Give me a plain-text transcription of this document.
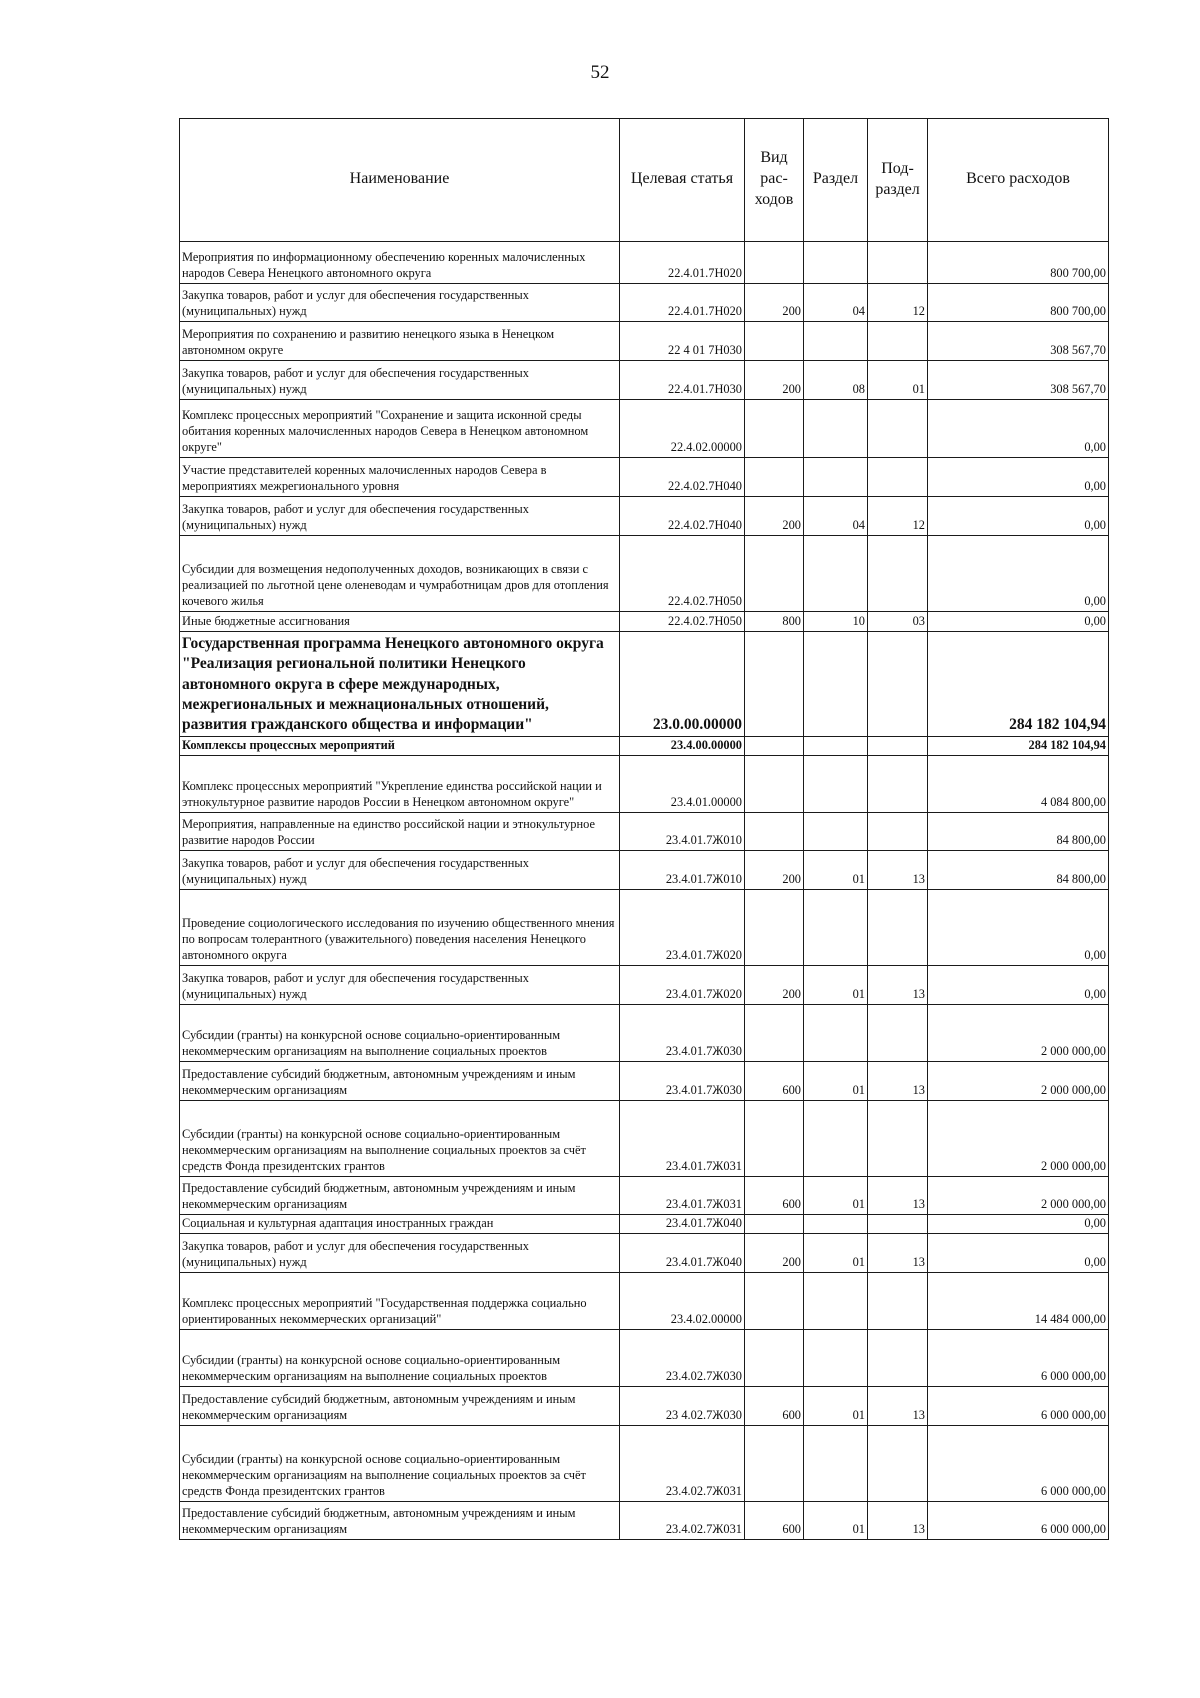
52
Наименование	Целевая статья	Вид рас-ходов	Раздел	Под-раздел	Всего расходов
Мероприятия по информационному обеспечению коренных малочисленных народов Севера Ненецкого автономного округа	22.4.01.7Н020				800 700,00
Закупка товаров, работ и услуг для обеспечения государственных (муниципальных) нужд	22.4.01.7Н020	200	04	12	800 700,00
Мероприятия по сохранению и развитию ненецкого языка в Ненецком автономном округе	22 4 01 7Н030				308 567,70
Закупка товаров, работ и услуг для обеспечения государственных (муниципальных) нужд	22.4.01.7Н030	200	08	01	308 567,70
Комплекс процессных мероприятий "Сохранение и защита исконной среды обитания коренных малочисленных народов Севера в Ненецком автономном округе"	22.4.02.00000				0,00
Участие представителей коренных малочисленных народов Севера в мероприятиях межрегионального уровня	22.4.02.7Н040				0,00
Закупка товаров, работ и услуг для обеспечения государственных (муниципальных) нужд	22.4.02.7Н040	200	04	12	0,00
Субсидии для возмещения недополученных доходов, возникающих в связи с реализацией по льготной цене оленеводам и чумработницам дров для отопления кочевого жилья	22.4.02.7Н050				0,00
Иные бюджетные ассигнования	22.4.02.7Н050	800	10	03	0,00
Государственная программа Ненецкого автономного округа "Реализация региональной политики Ненецкого автономного округа в сфере международных, межрегиональных и межнациональных отношений, развития гражданского общества и информации"	23.0.00.00000				284 182 104,94
Комплексы процессных мероприятий	23.4.00.00000				284 182 104,94
Комплекс процессных мероприятий "Укрепление единства российской нации и этнокультурное развитие народов России в Ненецком автономном округе"	23.4.01.00000				4 084 800,00
Мероприятия, направленные на единство российской нации и этнокультурное развитие народов России	23.4.01.7Ж010				84 800,00
Закупка товаров, работ и услуг для обеспечения государственных (муниципальных) нужд	23.4.01.7Ж010	200	01	13	84 800,00
Проведение социологического исследования по изучению общественного мнения по вопросам толерантного (уважительного) поведения населения Ненецкого автономного округа	23.4.01.7Ж020				0,00
Закупка товаров, работ и услуг для обеспечения государственных (муниципальных) нужд	23.4.01.7Ж020	200	01	13	0,00
Субсидии (гранты) на конкурсной основе социально-ориентированным некоммерческим организациям на выполнение социальных проектов	23.4.01.7Ж030				2 000 000,00
Предоставление субсидий бюджетным, автономным учреждениям и иным некоммерческим организациям	23.4.01.7Ж030	600	01	13	2 000 000,00
Субсидии (гранты) на конкурсной основе социально-ориентированным некоммерческим организациям на выполнение социальных проектов за счёт средств Фонда президентских грантов	23.4.01.7Ж031				2 000 000,00
Предоставление субсидий бюджетным, автономным учреждениям и иным некоммерческим организациям	23.4.01.7Ж031	600	01	13	2 000 000,00
Социальная и культурная адаптация иностранных граждан	23.4.01.7Ж040				0,00
Закупка товаров, работ и услуг для обеспечения государственных (муниципальных) нужд	23.4.01.7Ж040	200	01	13	0,00
Комплекс процессных мероприятий "Государственная поддержка социально ориентированных некоммерческих организаций"	23.4.02.00000				14 484 000,00
Субсидии (гранты) на конкурсной основе социально-ориентированным некоммерческим организациям на выполнение социальных проектов	23.4.02.7Ж030				6 000 000,00
Предоставление субсидий бюджетным, автономным учреждениям и иным некоммерческим организациям	23 4.02.7Ж030	600	01	13	6 000 000,00
Субсидии (гранты) на конкурсной основе социально-ориентированным некоммерческим организациям на выполнение социальных проектов за счёт средств Фонда президентских грантов	23.4.02.7Ж031				6 000 000,00
Предоставление субсидий бюджетным, автономным учреждениям и иным некоммерческим организациям	23.4.02.7Ж031	600	01	13	6 000 000,00
